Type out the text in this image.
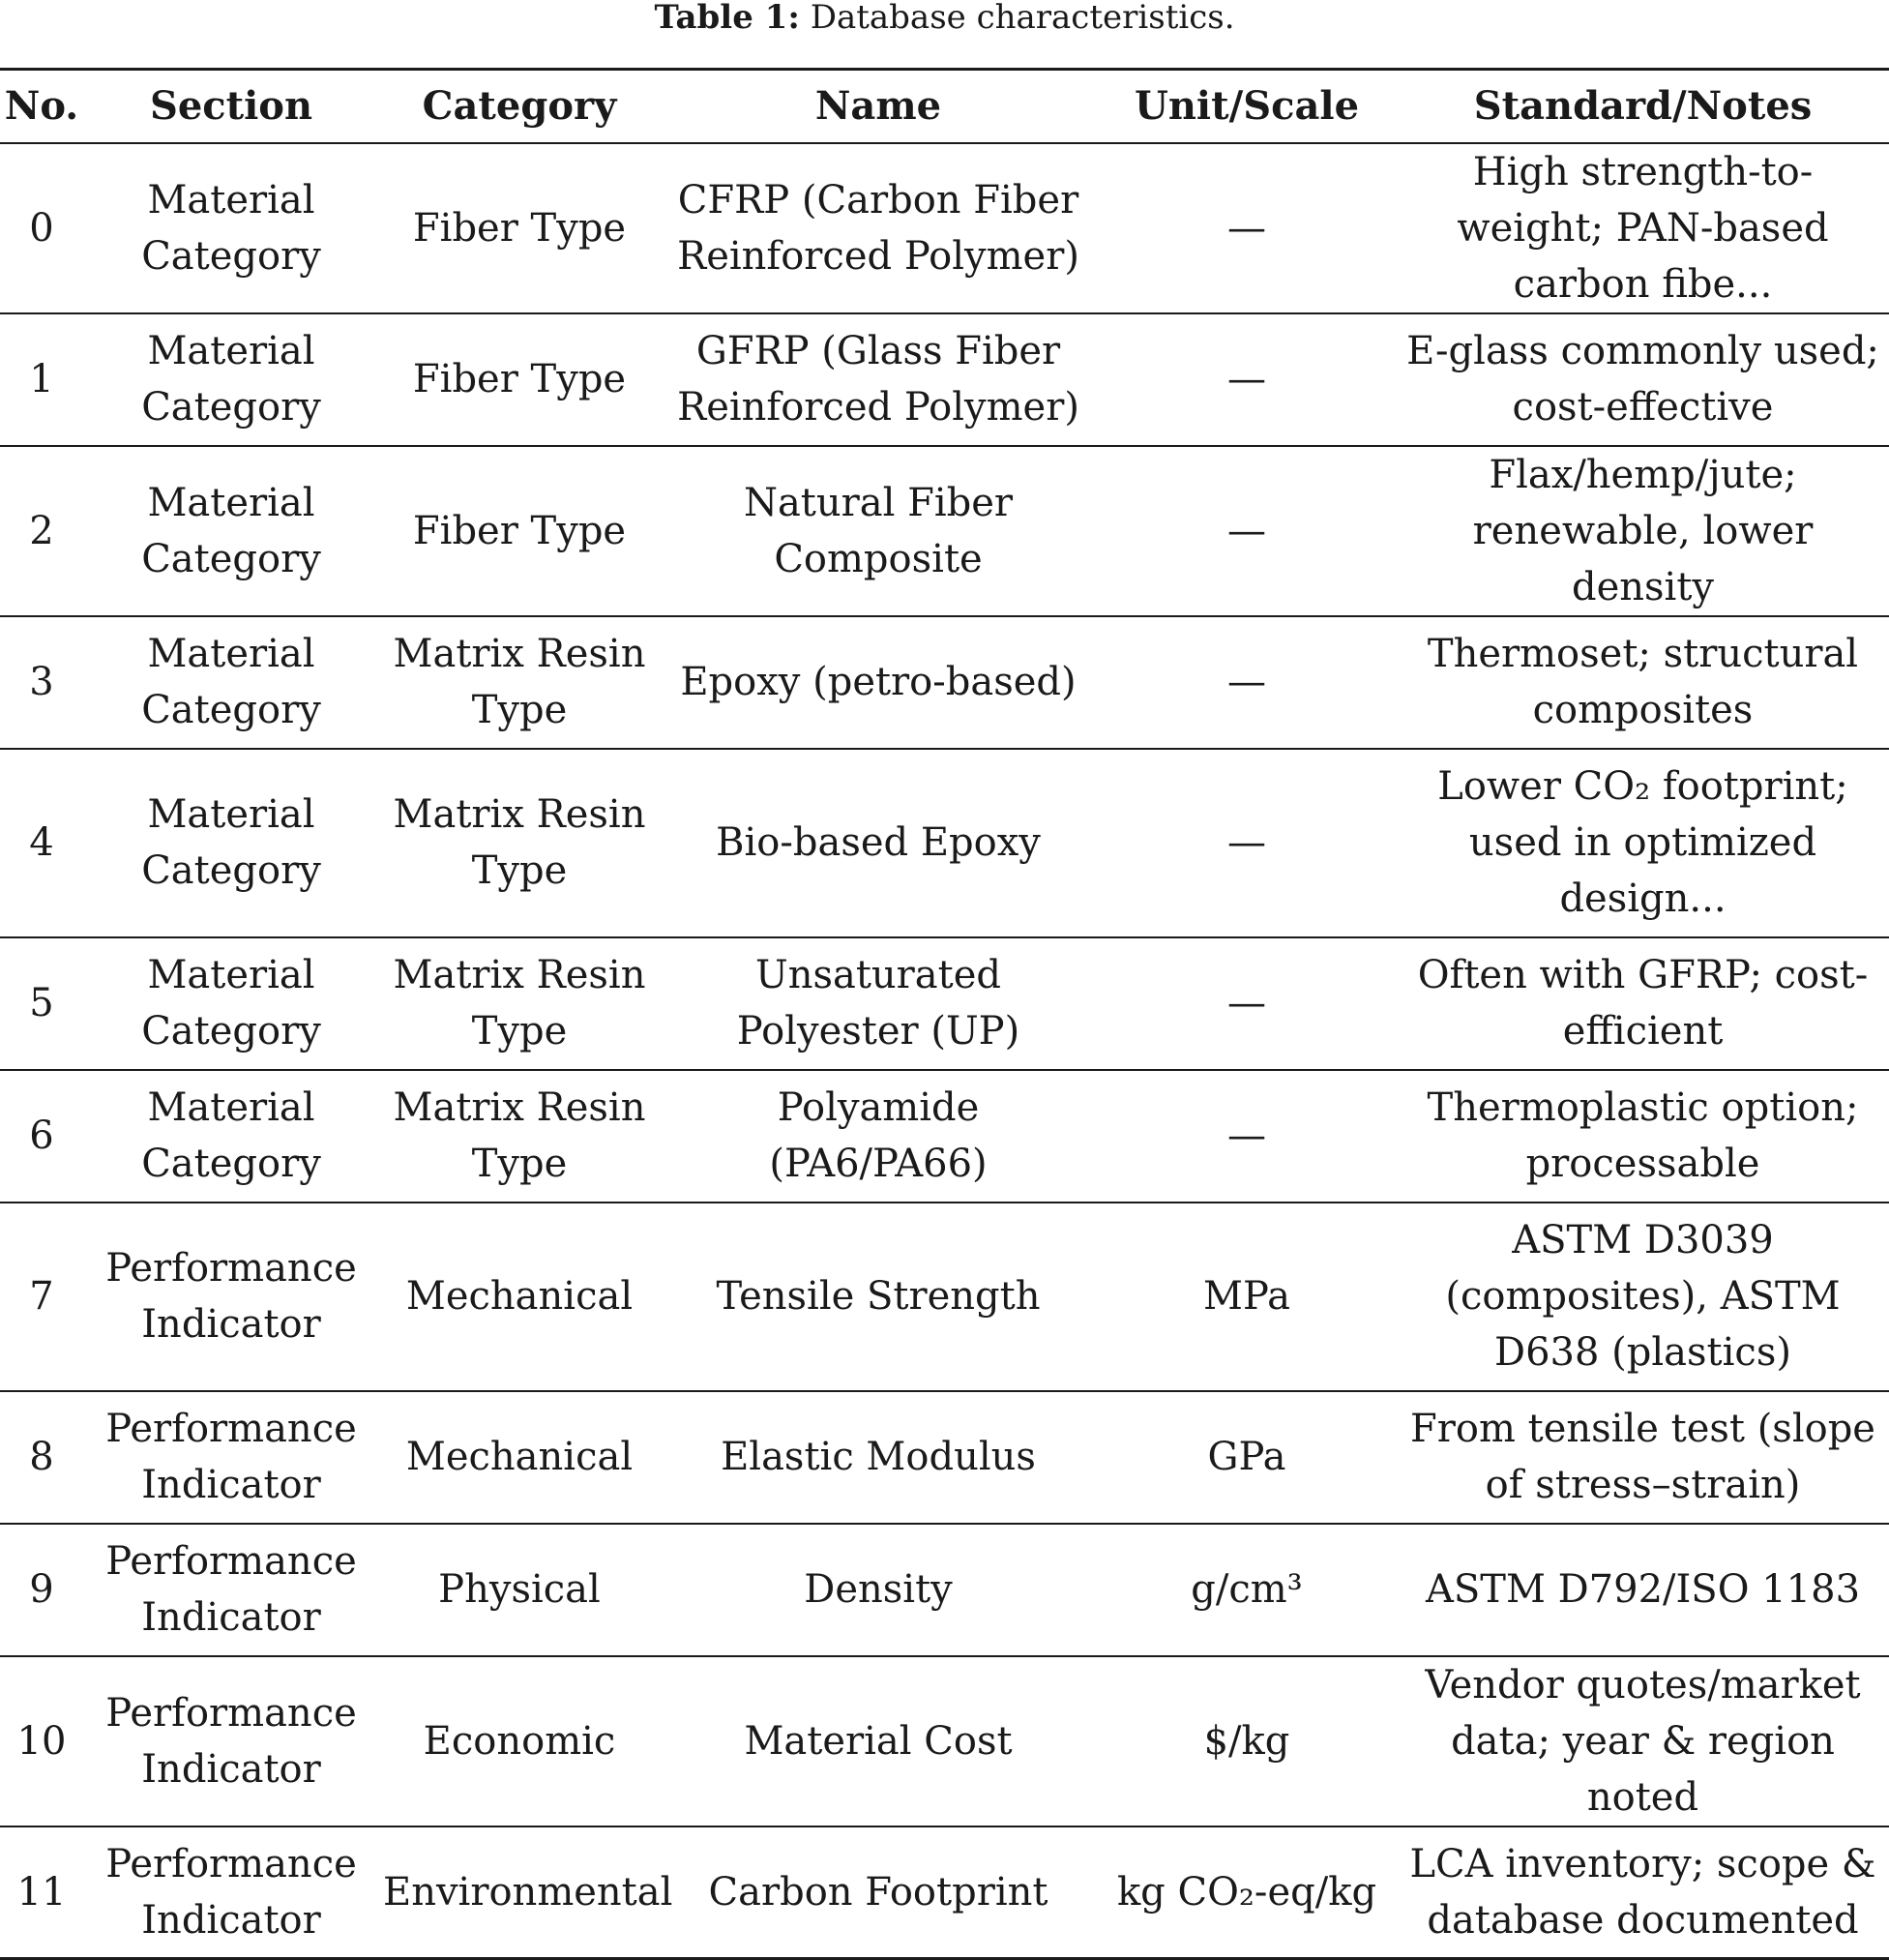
Table 1: Database characteristics.
No.	Section	Category	Name	Unit/Scale	Standard/Notes
0	Material Category	Fiber Type	CFRP (Carbon Fiber Reinforced Polymer)	—	High strength-to-weight; PAN-based carbon fibe...
1	Material Category	Fiber Type	GFRP (Glass Fiber Reinforced Polymer)	—	E-glass commonly used; cost-effective
2	Material Category	Fiber Type	Natural Fiber Composite	—	Flax/hemp/jute; renewable, lower density
3	Material Category	Matrix Resin Type	Epoxy (petro-based)	—	Thermoset; structural composites
4	Material Category	Matrix Resin Type	Bio-based Epoxy	—	Lower CO₂ footprint; used in optimized design...
5	Material Category	Matrix Resin Type	Unsaturated Polyester (UP)	—	Often with GFRP; cost-efficient
6	Material Category	Matrix Resin Type	Polyamide (PA6/PA66)	—	Thermoplastic option; processable
7	Performance Indicator	Mechanical	Tensile Strength	MPa	ASTM D3039 (composites), ASTM D638 (plastics)
8	Performance Indicator	Mechanical	Elastic Modulus	GPa	From tensile test (slope of stress–strain)
9	Performance Indicator	Physical	Density	g/cm³	ASTM D792/ISO 1183
10	Performance Indicator	Economic	Material Cost	$/kg	Vendor quotes/market data; year & region noted
11	Performance Indicator	Environmental	Carbon Footprint	kg CO₂-eq/kg	LCA inventory; scope & database documented
